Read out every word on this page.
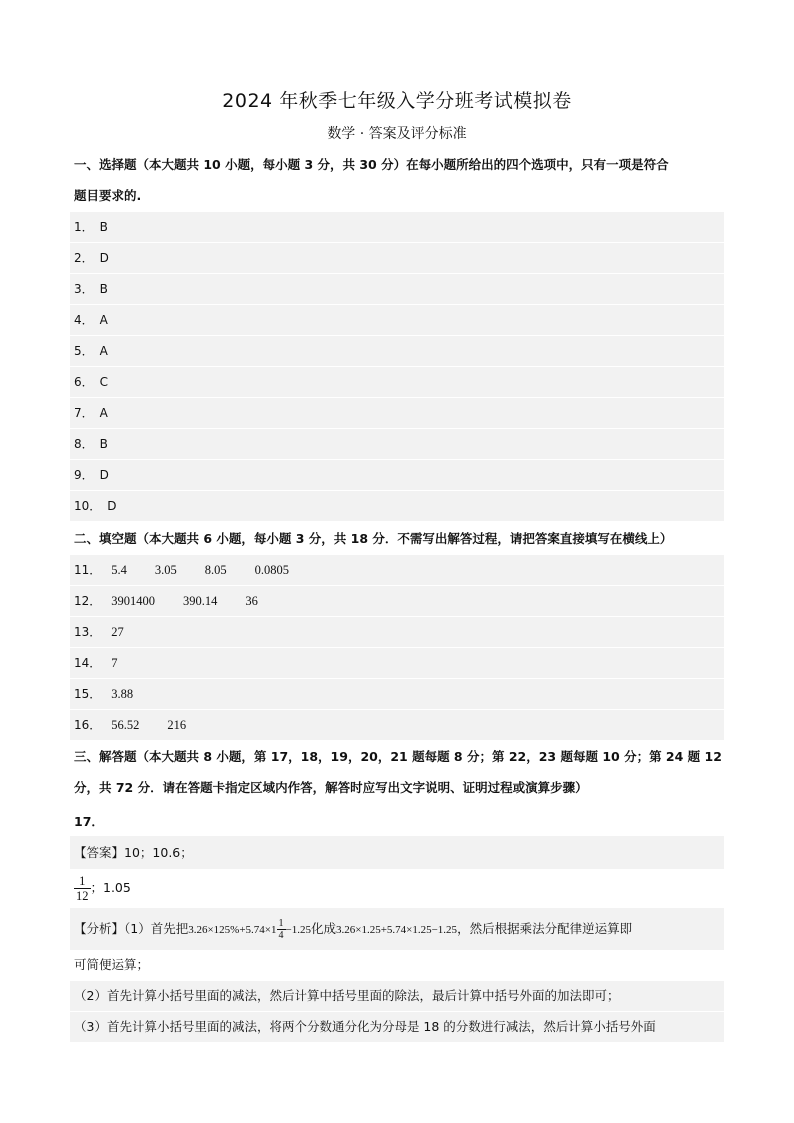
2024 年秋季七年级入学分班考试模拟卷
数学 · 答案及评分标准
一、选择题（本大题共 10 小题，每小题 3 分，共 30 分）在每小题所给出的四个选项中，只有一项是符合
题目要求的.
1． B
2． D
3． B
4． A
5． A
6． C
7． A
8． B
9． D
10． D
二、填空题（本大题共 6 小题，每小题 3 分，共 18 分．不需写出解答过程，请把答案直接填写在横线上）
11． 5.4 3.05 8.05 0.0805
12． 3901400 390.14 36
13． 27
14． 7
15． 3.88
16． 56.52 216
三、解答题（本大题共 8 小题，第 17，18，19，20，21 题每题 8 分；第 22，23 题每题 10 分；第 24 题 12
分，共 72 分．请在答题卡指定区域内作答，解答时应写出文字说明、证明过程或演算步骤）
17．
【答案】10；10.6；
$\frac{1}{12}$ ；1.05
【分析】（1）首先把$3.26\times 125\%+5.74\times 1 \frac{1}{4} -1.25$化成3.26×1.25+5.74×1.25−1.25，然后根据乘法分配律逆运算即
可简便运算；
（2）首先计算小括号里面的减法，然后计算中括号里面的除法，最后计算中括号外面的加法即可；
（3）首先计算小括号里面的减法，将两个分数通分化为分母是 18 的分数进行减法，然后计算小括号外面
